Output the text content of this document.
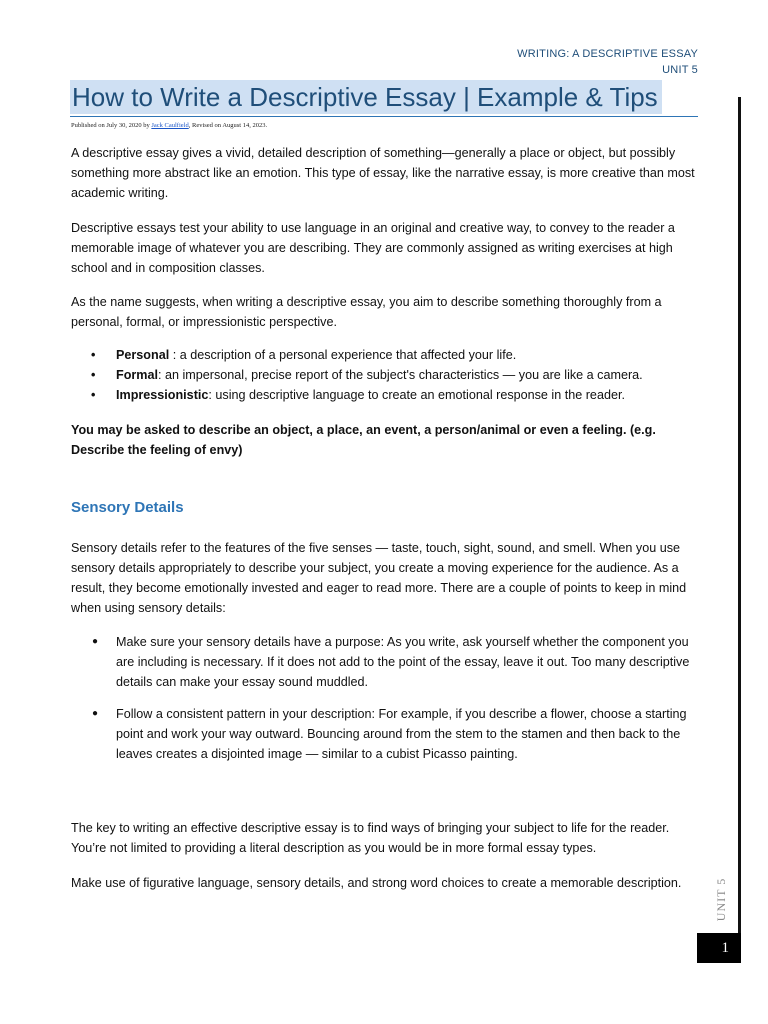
WRITING: A DESCRIPTIVE ESSAY
UNIT 5
How to Write a Descriptive Essay | Example & Tips
Published on July 30, 2020 by Jack Caulfield, Revised on August 14, 2023.

A descriptive essay gives a vivid, detailed description of something—generally a place or object, but possibly something more abstract like an emotion. This type of essay, like the narrative essay, is more creative than most academic writing.

Descriptive essays test your ability to use language in an original and creative way, to convey to the reader a memorable image of whatever you are describing. They are commonly assigned as writing exercises at high school and in composition classes.

As the name suggests, when writing a descriptive essay, you aim to describe something thoroughly from a personal, formal, or impressionistic perspective.

• Personal : a description of a personal experience that affected your life.
• Formal: an impersonal, precise report of the subject's characteristics — you are like a camera.
• Impressionistic: using descriptive language to create an emotional response in the reader.

You may be asked to describe an object, a place, an event, a person/animal or even a feeling. (e.g. Describe the feeling of envy)

Sensory Details

Sensory details refer to the features of the five senses — taste, touch, sight, sound, and smell. When you use sensory details appropriately to describe your subject, you create a moving experience for the audience. As a result, they become emotionally invested and eager to read more. There are a couple of points to keep in mind when using sensory details:

● Make sure your sensory details have a purpose: As you write, ask yourself whether the component you are including is necessary. If it does not add to the point of the essay, leave it out. Too many descriptive details can make your essay sound muddled.
● Follow a consistent pattern in your description: For example, if you describe a flower, choose a starting point and work your way outward. Bouncing around from the stem to the stamen and then back to the leaves creates a disjointed image — similar to a cubist Picasso painting.

The key to writing an effective descriptive essay is to find ways of bringing your subject to life for the reader. You’re not limited to providing a literal description as you would be in more formal essay types.

Make use of figurative language, sensory details, and strong word choices to create a memorable description.	UNIT 5
1
